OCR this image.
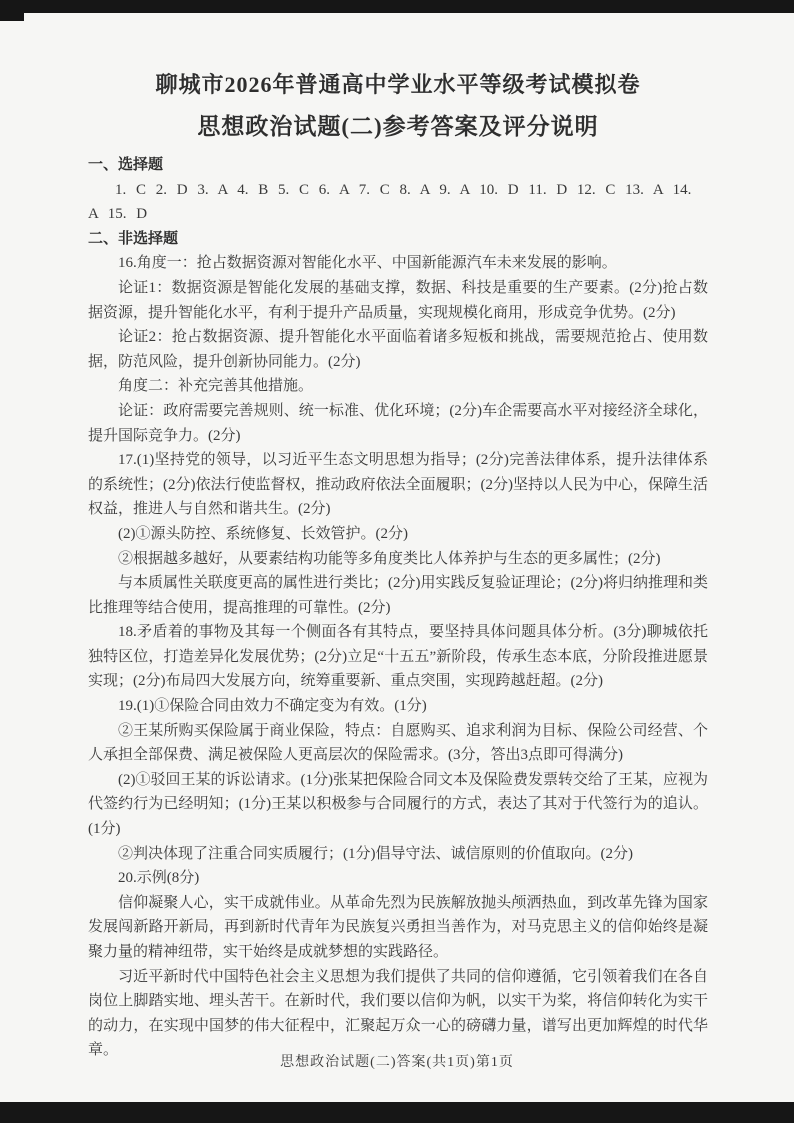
聊城市2026年普通高中学业水平等级考试模拟卷
思想政治试题(二)参考答案及评分说明

一、选择题

1. C 2. D 3. A 4. B 5. C 6. A 7. C 8. A 9. A 10. D 11. D 12. C 13. A 14. A 15. D

二、非选择题

16.角度一：抢占数据资源对智能化水平、中国新能源汽车未来发展的影响。

论证1：数据资源是智能化发展的基础支撑，数据、科技是重要的生产要素。(2分)抢占数据资源，提升智能化水平，有利于提升产品质量，实现规模化商用，形成竞争优势。(2分)

论证2：抢占数据资源、提升智能化水平面临着诸多短板和挑战，需要规范抢占、使用数据，防范风险，提升创新协同能力。(2分)

角度二：补充完善其他措施。

论证：政府需要完善规则、统一标准、优化环境；(2分)车企需要高水平对接经济全球化，提升国际竞争力。(2分)

17.(1)坚持党的领导，以习近平生态文明思想为指导；(2分)完善法律体系，提升法律体系的系统性；(2分)依法行使监督权，推动政府依法全面履职；(2分)坚持以人民为中心，保障生活权益，推进人与自然和谐共生。(2分)

(2)①源头防控、系统修复、长效管护。(2分)

②根据越多越好，从要素结构功能等多角度类比人体养护与生态的更多属性；(2分)

与本质属性关联度更高的属性进行类比；(2分)用实践反复验证理论；(2分)将归纳推理和类比推理等结合使用，提高推理的可靠性。(2分)

18.矛盾着的事物及其每一个侧面各有其特点，要坚持具体问题具体分析。(3分)聊城依托独特区位，打造差异化发展优势；(2分)立足“十五五”新阶段，传承生态本底，分阶段推进愿景实现；(2分)布局四大发展方向，统筹重要新、重点突围，实现跨越赶超。(2分)

19.(1)①保险合同由效力不确定变为有效。(1分)

②王某所购买保险属于商业保险，特点：自愿购买、追求利润为目标、保险公司经营、个人承担全部保费、满足被保险人更高层次的保险需求。(3分，答出3点即可得满分)

(2)①驳回王某的诉讼请求。(1分)张某把保险合同文本及保险费发票转交给了王某，应视为代签约行为已经明知；(1分)王某以积极参与合同履行的方式，表达了其对于代签行为的追认。(1分)

②判决体现了注重合同实质履行；(1分)倡导守法、诚信原则的价值取向。(2分)

20.示例(8分)

信仰凝聚人心，实干成就伟业。从革命先烈为民族解放抛头颅洒热血，到改革先锋为国家发展闯新路开新局，再到新时代青年为民族复兴勇担当善作为，对马克思主义的信仰始终是凝聚力量的精神纽带，实干始终是成就梦想的实践路径。

习近平新时代中国特色社会主义思想为我们提供了共同的信仰遵循，它引领着我们在各自岗位上脚踏实地、埋头苦干。在新时代，我们要以信仰为帆，以实干为桨，将信仰转化为实干的动力，在实现中国梦的伟大征程中，汇聚起万众一心的磅礴力量，谱写出更加辉煌的时代华章。

思想政治试题(二)答案(共1页)第1页
